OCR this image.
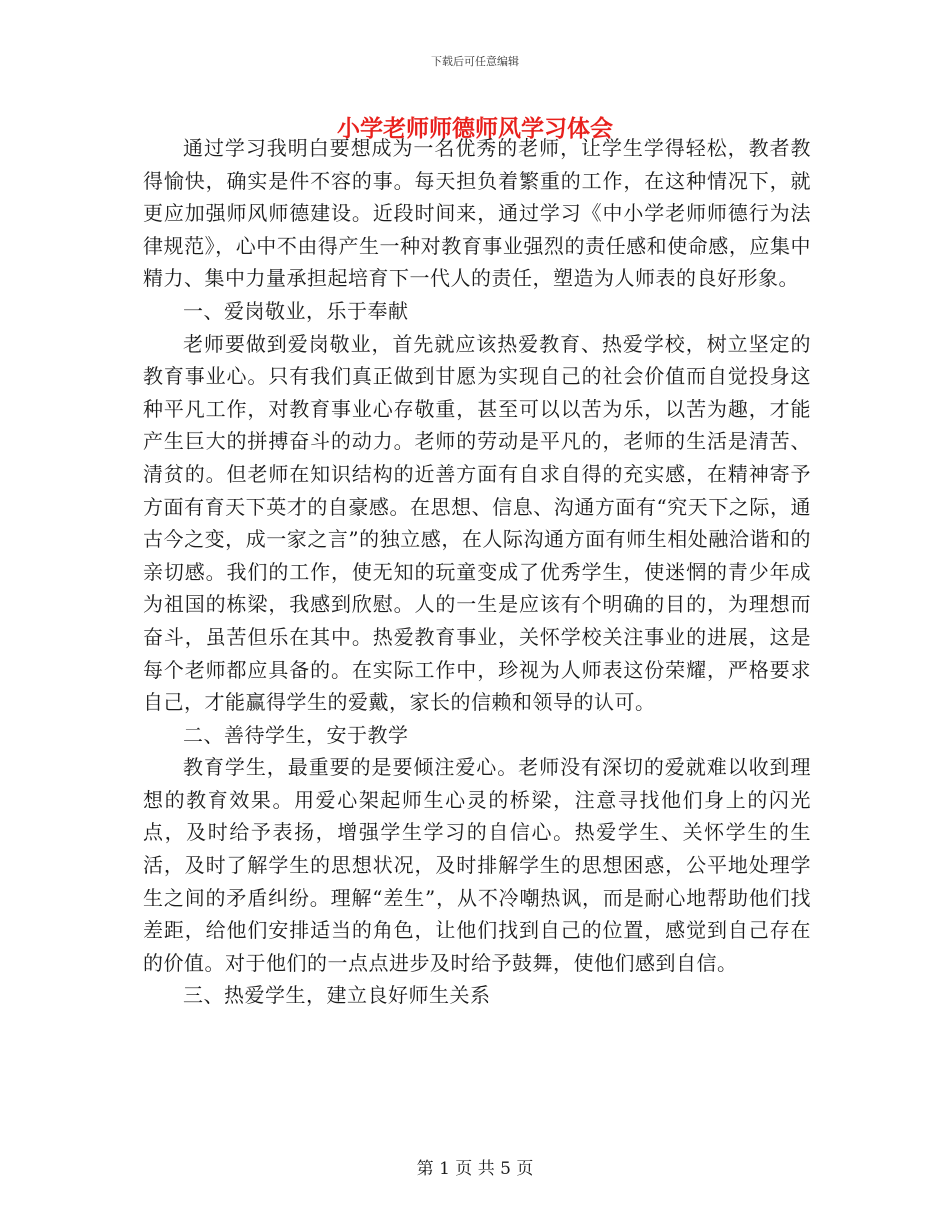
下载后可任意编辑
小学老师师德师风学习体会

通过学习我明白要想成为一名优秀的老师，让学生学得轻松，教者教得愉快，确实是件不容的事。每天担负着繁重的工作，在这种情况下，就更应加强师风师德建设。近段时间来，通过学习《中小学老师师德行为法律规范》，心中不由得产生一种对教育事业强烈的责任感和使命感，应集中精力、集中力量承担起培育下一代人的责任，塑造为人师表的良好形象。

一、爱岗敬业，乐于奉献

老师要做到爱岗敬业，首先就应该热爱教育、热爱学校，树立坚定的教育事业心。只有我们真正做到甘愿为实现自己的社会价值而自觉投身这种平凡工作，对教育事业心存敬重，甚至可以以苦为乐，以苦为趣，才能产生巨大的拼搏奋斗的动力。老师的劳动是平凡的，老师的生活是清苦、清贫的。但老师在知识结构的近善方面有自求自得的充实感，在精神寄予方面有育天下英才的自豪感。在思想、信息、沟通方面有“究天下之际，通古今之变，成一家之言”的独立感，在人际沟通方面有师生相处融洽谐和的亲切感。我们的工作，使无知的玩童变成了优秀学生，使迷惘的青少年成为祖国的栋梁，我感到欣慰。人的一生是应该有个明确的目的，为理想而奋斗，虽苦但乐在其中。热爱教育事业，关怀学校关注事业的进展，这是每个老师都应具备的。在实际工作中，珍视为人师表这份荣耀，严格要求自己，才能赢得学生的爱戴，家长的信赖和领导的认可。

二、善待学生，安于教学

教育学生，最重要的是要倾注爱心。老师没有深切的爱就难以收到理想的教育效果。用爱心架起师生心灵的桥梁，注意寻找他们身上的闪光点，及时给予表扬，增强学生学习的自信心。热爱学生、关怀学生的生活，及时了解学生的思想状况，及时排解学生的思想困惑，公平地处理学生之间的矛盾纠纷。理解“差生”，从不冷嘲热讽，而是耐心地帮助他们找差距，给他们安排适当的角色，让他们找到自己的位置，感觉到自己存在的价值。对于他们的一点点进步及时给予鼓舞，使他们感到自信。

三、热爱学生，建立良好师生关系

第 1 页 共 5 页
